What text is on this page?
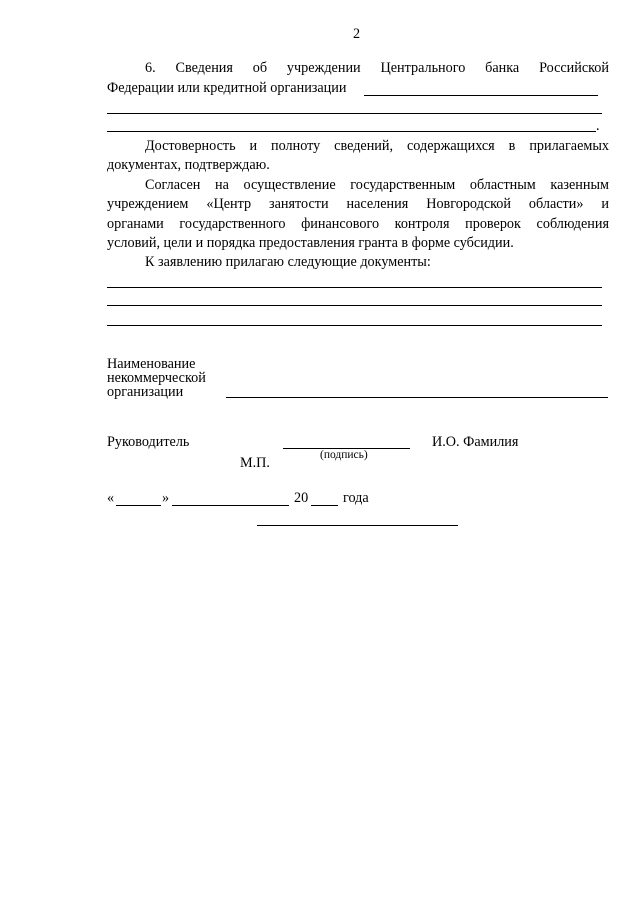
2
6. Сведения об учреждении Центрального банка Российской
Федерации или кредитной организации
.
Достоверность и полноту сведений, содержащихся в прилагаемых
документах, подтверждаю.
Согласен на осуществление государственным областным казенным
учреждением «Центр занятости населения Новгородской области» и
органами государственного финансового контроля проверок соблюдения
условий, цели и порядка предоставления гранта в форме субсидии.
К заявлению прилагаю следующие документы:
Наименование
некоммерческой
организации
Руководитель
(подпись)
И.О. Фамилия
М.П.
«	»	20 года
